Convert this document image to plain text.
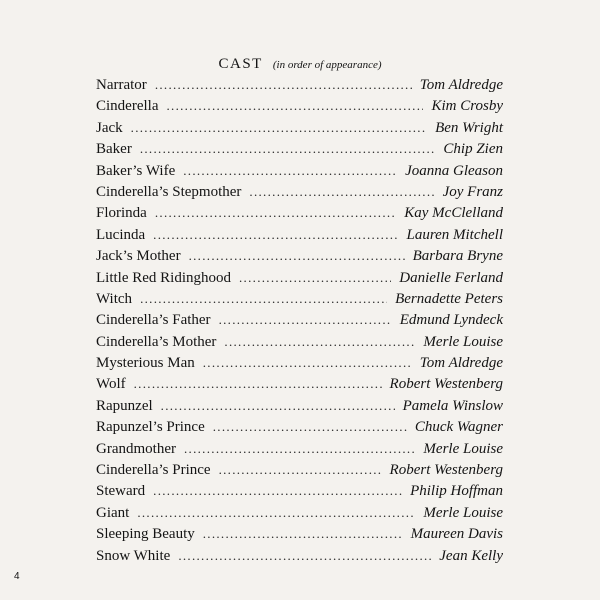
CAST (in order of appearance)
Narrator .....	Tom Aldredge
Cinderella .....	Kim Crosby
Jack .....	Ben Wright
Baker .....	Chip Zien
Baker’s Wife .....	Joanna Gleason
Cinderella’s Stepmother .....	Joy Franz
Florinda .....	Kay McClelland
Lucinda .....	Lauren Mitchell
Jack’s Mother .....	Barbara Bryne
Little Red Ridinghood .....	Danielle Ferland
Witch .....	Bernadette Peters
Cinderella’s Father .....	Edmund Lyndeck
Cinderella’s Mother .....	Merle Louise
Mysterious Man .....	Tom Aldredge
Wolf .....	Robert Westenberg
Rapunzel .....	Pamela Winslow
Rapunzel’s Prince .....	Chuck Wagner
Grandmother .....	Merle Louise
Cinderella’s Prince .....	Robert Westenberg
Steward .....	Philip Hoffman
Giant .....	Merle Louise
Sleeping Beauty .....	Maureen Davis
Snow White .....	Jean Kelly
4
